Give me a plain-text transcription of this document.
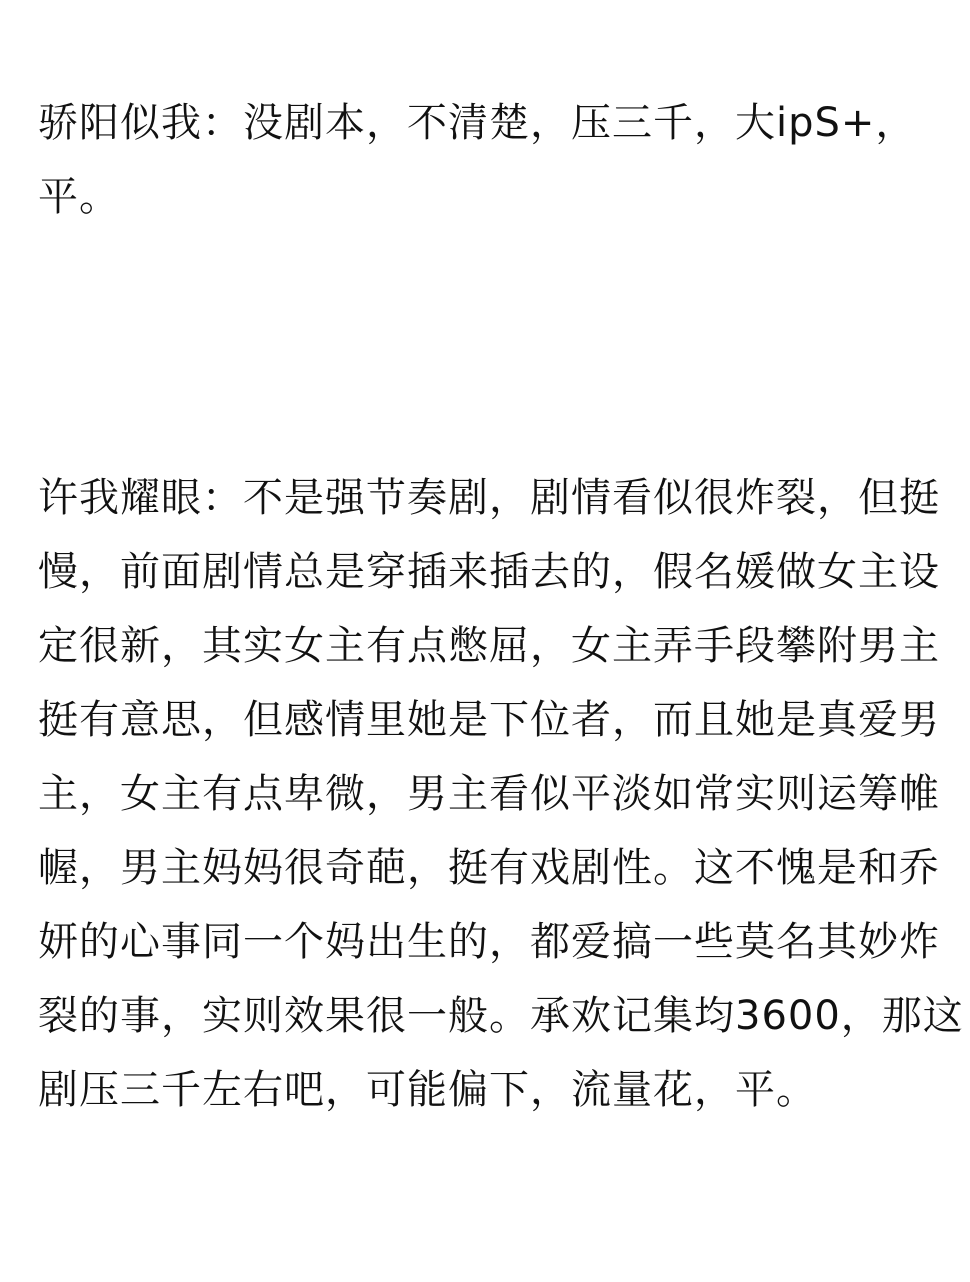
骄阳似我：没剧本，不清楚，压三千，大ipS+，
平。
许我耀眼：不是强节奏剧，剧情看似很炸裂，但挺
慢，前面剧情总是穿插来插去的，假名媛做女主设
定很新，其实女主有点憋屈，女主弄手段攀附男主
挺有意思，但感情里她是下位者，而且她是真爱男
主，女主有点卑微，男主看似平淡如常实则运筹帷
幄，男主妈妈很奇葩，挺有戏剧性。这不愧是和乔
妍的心事同一个妈出生的，都爱搞一些莫名其妙炸
裂的事，实则效果很一般。承欢记集均3600，那这
剧压三千左右吧，可能偏下，流量花，平。
